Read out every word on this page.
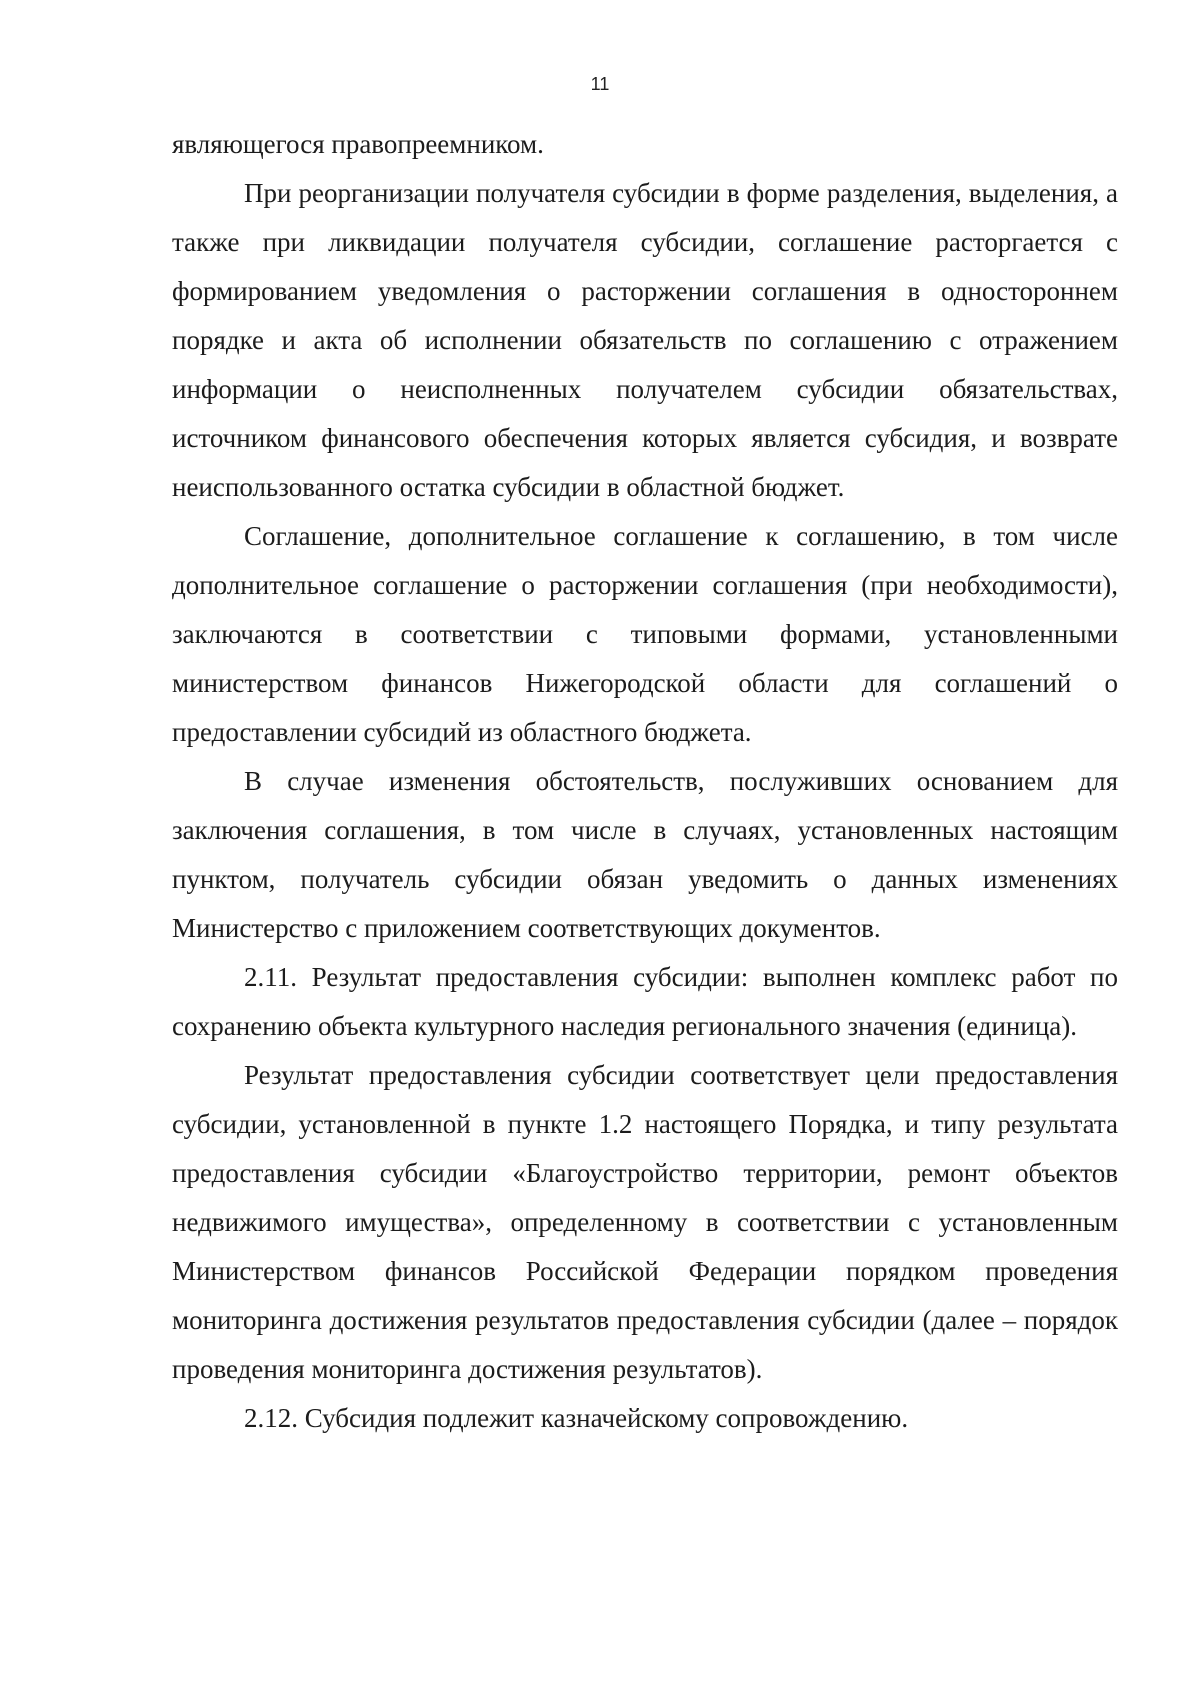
11

являющегося правопреемником.

При реорганизации получателя субсидии в форме разделения, выделения, а также при ликвидации получателя субсидии, соглашение расторгается с формированием уведомления о расторжении соглашения в одностороннем порядке и акта об исполнении обязательств по соглашению с отражением информации о неисполненных получателем субсидии обязательствах, источником финансового обеспечения которых является субсидия, и возврате неиспользованного остатка субсидии в областной бюджет.

Соглашение, дополнительное соглашение к соглашению, в том числе дополнительное соглашение о расторжении соглашения (при необходимости), заключаются в соответствии с типовыми формами, установленными министерством финансов Нижегородской области для соглашений о предоставлении субсидий из областного бюджета.

В случае изменения обстоятельств, послуживших основанием для заключения соглашения, в том числе в случаях, установленных настоящим пунктом, получатель субсидии обязан уведомить о данных изменениях Министерство с приложением соответствующих документов.

2.11. Результат предоставления субсидии: выполнен комплекс работ по сохранению объекта культурного наследия регионального значения (единица).

Результат предоставления субсидии соответствует цели предоставления субсидии, установленной в пункте 1.2 настоящего Порядка, и типу результата предоставления субсидии «Благоустройство территории, ремонт объектов недвижимого имущества», определенному в соответствии с установленным Министерством финансов Российской Федерации порядком проведения мониторинга достижения результатов предоставления субсидии (далее – порядок проведения мониторинга достижения результатов).

2.12. Субсидия подлежит казначейскому сопровождению.
